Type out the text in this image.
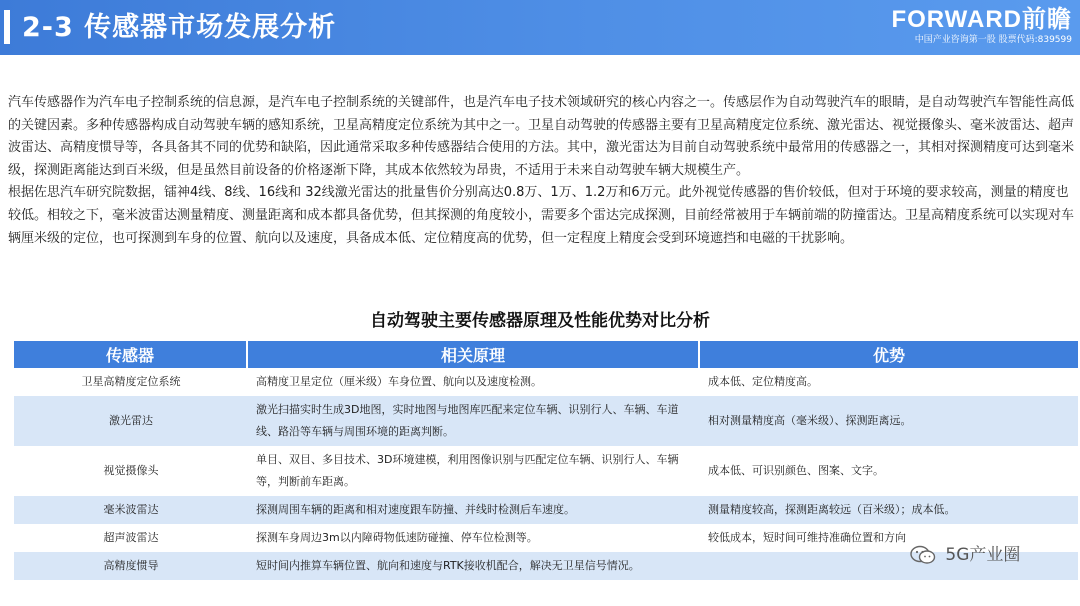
2-3 传感器市场发展分析	FORWARD前瞻
中国产业咨询第一股 股票代码:839599

汽车传感器作为汽车电子控制系统的信息源，是汽车电子控制系统的关键部件，也是汽车电子技术领域研究的核心内容之一。传感层作为自动驾驶汽车的眼睛，是自动驾驶汽车智能性高低的关键因素。多种传感器构成自动驾驶车辆的感知系统，卫星高精度定位系统为其中之一。卫星自动驾驶的传感器主要有卫星高精度定位系统、激光雷达、视觉摄像头、毫米波雷达、超声波雷达、高精度惯导等，各具备其不同的优势和缺陷，因此通常采取多种传感器结合使用的方法。其中，激光雷达为目前自动驾驶系统中最常用的传感器之一，其相对探测精度可达到毫米级，探测距离能达到百米级，但是虽然目前设备的价格逐渐下降，其成本依然较为昂贵，不适用于未来自动驾驶车辆大规模生产。

根据佐思汽车研究院数据，镭神4线、8线、16线和 32线激光雷达的批量售价分别高达0.8万、1万、1.2万和6万元。此外视觉传感器的售价较低，但对于环境的要求较高，测量的精度也较低。相较之下，毫米波雷达测量精度、测量距离和成本都具备优势，但其探测的角度较小，需要多个雷达完成探测，目前经常被用于车辆前端的防撞雷达。卫星高精度系统可以实现对车辆厘米级的定位，也可探测到车身的位置、航向以及速度，具备成本低、定位精度高的优势，但一定程度上精度会受到环境遮挡和电磁的干扰影响。

自动驾驶主要传感器原理及性能优势对比分析
传感器	相关原理	优势
卫星高精度定位系统	高精度卫星定位（厘米级）车身位置、航向以及速度检测。	成本低、定位精度高。
激光雷达	激光扫描实时生成3D地图，实时地图与地图库匹配来定位车辆、识别行人、车辆、车道线、路沿等车辆与周围环境的距离判断。	相对测量精度高（毫米级）、探测距离远。
视觉摄像头	单目、双目、多目技术、3D环境建模，利用图像识别与匹配定位车辆、识别行人、车辆等，判断前车距离。	成本低、可识别颜色、图案、文字。
毫米波雷达	探测周围车辆的距离和相对速度跟车防撞、并线时检测后车速度。	测量精度较高，探测距离较远（百米级）；成本低。
超声波雷达	探测车身周边3m以内障碍物低速防碰撞、停车位检测等。	较低成本，短时间可维持准确位置和方向
高精度惯导	短时间内推算车辆位置、航向和速度与RTK接收机配合，解决无卫星信号情况。	
5G产业圈
